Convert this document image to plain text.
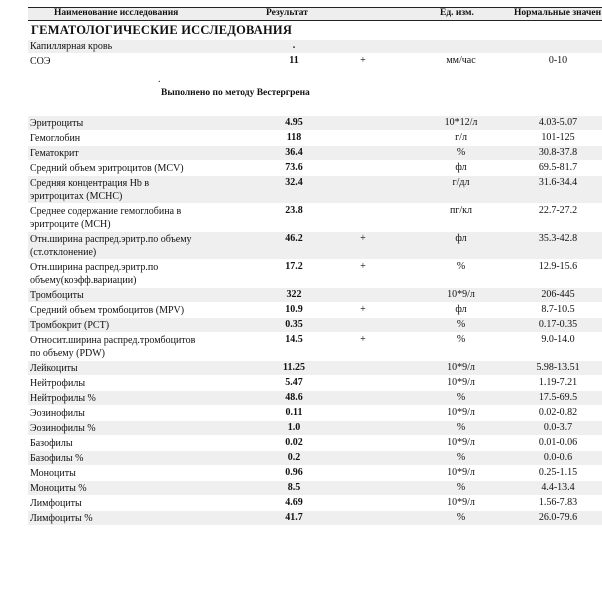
Наименование исследования	Результат	Ед. изм.	Нормальные значен
ГЕМАТОЛОГИЧЕСКИЕ ИССЛЕДОВАНИЯ
Капиллярная кровь	.
СОЭ	11	+	мм/час	0-10
.
Выполнено по методу Вестергрена
Эритроциты	4.95	10*12/л	4.03-5.07
Гемоглобин	118	г/л	101-125
Гематокрит	36.4	%	30.8-37.8
Средний объем эритроцитов (MCV)	73.6	фл	69.5-81.7
Средняя концентрация Hb в
эритроцитах (MCHC)
32.4	г/дл	31.6-34.4
Среднее содержание гемоглобина в
эритроците (MCH)
23.8	пг/кл	22.7-27.2
Отн.ширина распред.эритр.по объему
(ст.отклонение)
46.2	+	фл	35.3-42.8
Отн.ширина распред.эритр.по
объему(коэфф.вариации)
17.2	+	%	12.9-15.6
Тромбоциты	322	10*9/л	206-445
Средний объем тромбоцитов (MPV)	10.9	+	фл	8.7-10.5
Тромбокрит (PCT)	0.35	%	0.17-0.35
Относит.ширина распред.тромбоцитов
по объему (PDW)
14.5	+	%	9.0-14.0
Лейкоциты	11.25	10*9/л	5.98-13.51
Нейтрофилы	5.47	10*9/л	1.19-7.21
Нейтрофилы %	48.6	%	17.5-69.5
Эозинофилы	0.11	10*9/л	0.02-0.82
Эозинофилы %	1.0	%	0.0-3.7
Базофилы	0.02	10*9/л	0.01-0.06
Базофилы %	0.2	%	0.0-0.6
Моноциты	0.96	10*9/л	0.25-1.15
Моноциты %	8.5	%	4.4-13.4
Лимфоциты	4.69	10*9/л	1.56-7.83
Лимфоциты %	41.7	%	26.0-79.6
